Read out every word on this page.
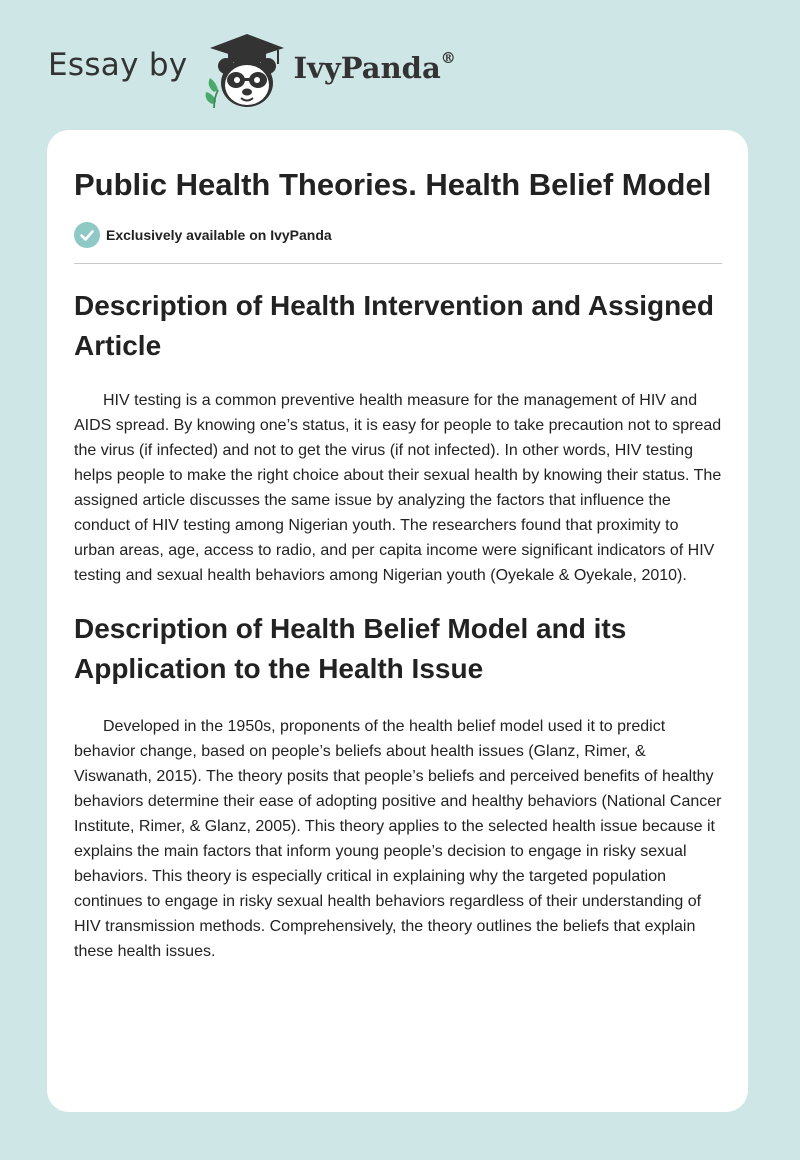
Essay by	IvyPanda®
Public Health Theories. Health Belief Model
Exclusively available on IvyPanda
Description of Health Intervention and Assigned Article

HIV testing is a common preventive health measure for the management of HIV and AIDS spread. By knowing one’s status, it is easy for people to take precaution not to spread the virus (if infected) and not to get the virus (if not infected). In other words, HIV testing helps people to make the right choice about their sexual health by knowing their status. The assigned article discusses the same issue by analyzing the factors that influence the conduct of HIV testing among Nigerian youth. The researchers found that proximity to urban areas, age, access to radio, and per capita income were significant indicators of HIV testing and sexual health behaviors among Nigerian youth (Oyekale & Oyekale, 2010).

Description of Health Belief Model and its Application to the Health Issue

Developed in the 1950s, proponents of the health belief model used it to predict behavior change, based on people’s beliefs about health issues (Glanz, Rimer, & Viswanath, 2015). The theory posits that people’s beliefs and perceived benefits of healthy behaviors determine their ease of adopting positive and healthy behaviors (National Cancer Institute, Rimer, & Glanz, 2005). This theory applies to the selected health issue because it explains the main factors that inform young people’s decision to engage in risky sexual behaviors. This theory is especially critical in explaining why the targeted population continues to engage in risky sexual health behaviors regardless of their understanding of HIV transmission methods. Comprehensively, the theory outlines the beliefs that explain these health issues.
